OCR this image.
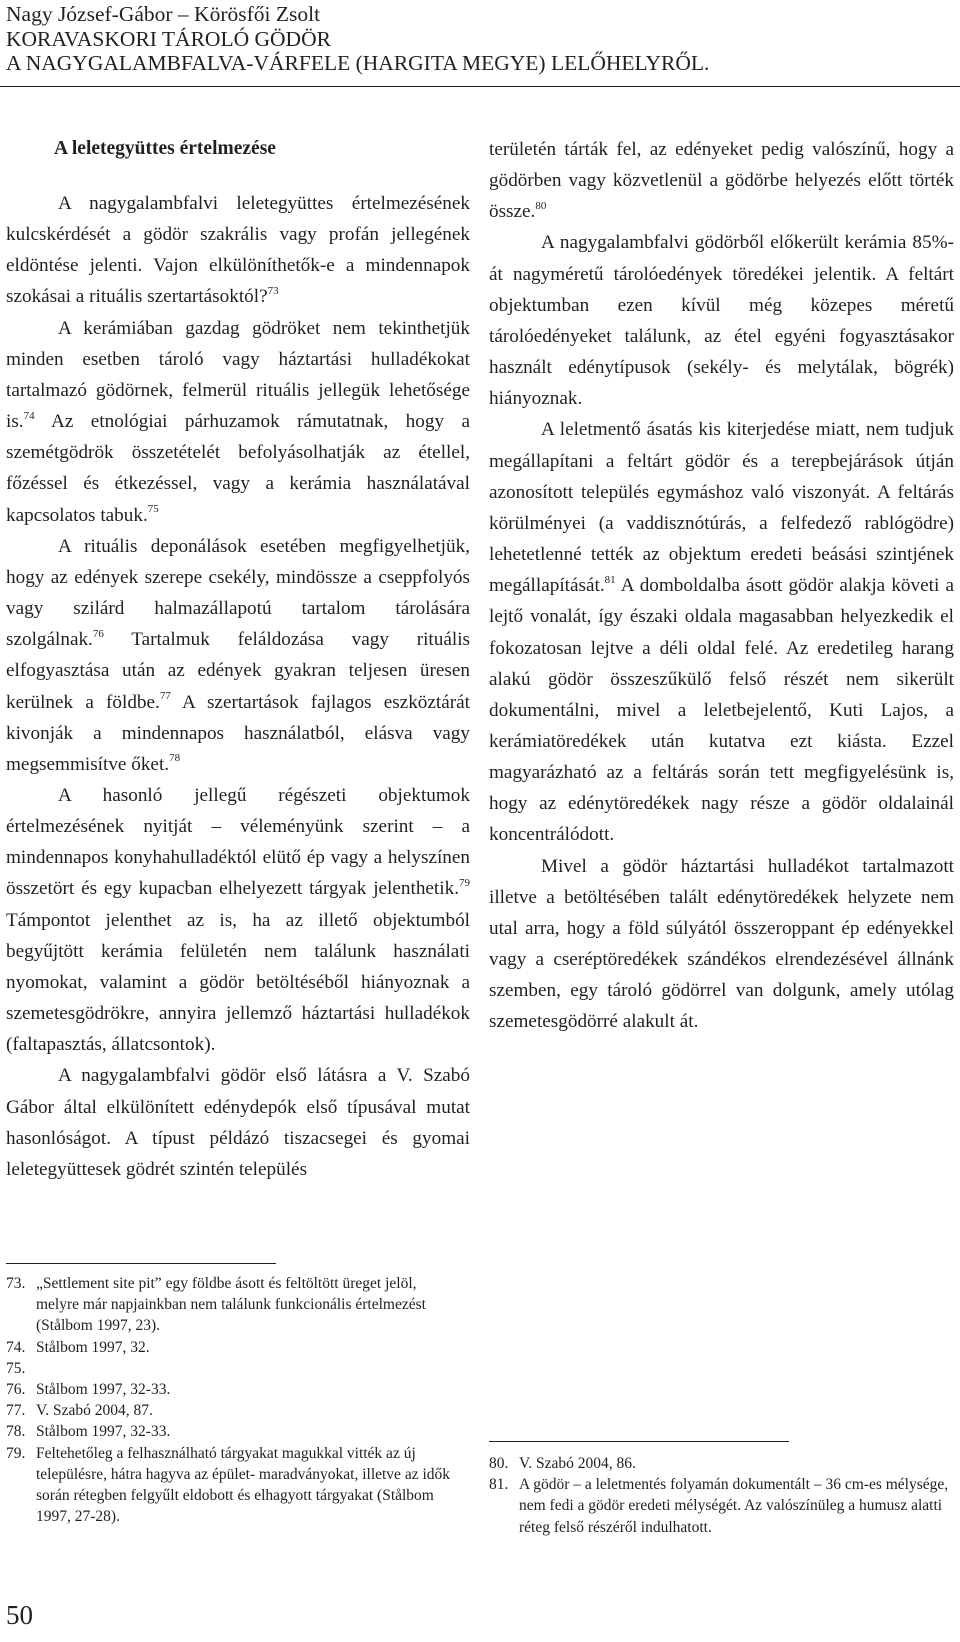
Nagy József-Gábor – Körösfői Zsolt
KORAVASKORI TÁROLÓ GÖDÖR
A NAGYGALAMBFALVA-VÁRFELE (HARGITA MEGYE) LELŐHELYRŐL.
A leletegyüttes értelmezése

A nagygalambfalvi leletegyüttes értelmezésének kulcskérdését a gödör szakrális vagy profán jellegének eldöntése jelenti. Vajon elkülöníthetők-e a mindennapok szokásai a rituális szertartásoktól?$^{73}$

A kerámiában gazdag gödröket nem tekinthetjük minden esetben tároló vagy háztartási hulladékokat tartalmazó gödörnek, felmerül rituális jellegük lehetősége is.$^{74}$ Az etnológiai párhuzamok rámutatnak, hogy a szemétgödrök összetételét befolyásolhatják az étellel, főzéssel és étkezéssel, vagy a kerámia használatával kapcsolatos tabuk.$^{75}$

A rituális deponálások esetében megfigyelhetjük, hogy az edények szerepe csekély, mindössze a cseppfolyós vagy szilárd halmazállapotú tartalom tárolására szolgálnak.$^{76}$ Tartalmuk feláldozása vagy rituális elfogyasztása után az edények gyakran teljesen üresen kerülnek a földbe.$^{77}$ A szertartások fajlagos eszköztárát kivonják a mindennapos használatból, elásva vagy megsemmisítve őket.$^{78}$

A hasonló jellegű régészeti objektumok értelmezésének nyitját – véleményünk szerint – a mindennapos konyhahulladéktól elütő ép vagy a helyszínen összetört és egy kupacban elhelyezett tárgyak jelenthetik.$^{79}$ Támpontot jelenthet az is, ha az illető objektumból begyűjtött kerámia felületén nem találunk használati nyomokat, valamint a gödör betöltéséből hiányoznak a szemetesgödrökre, annyira jellemző háztartási hulladékok (faltapasztás, állatcsontok).

A nagygalambfalvi gödör első látásra a V. Szabó Gábor által elkülönített edénydepók első típusával mutat hasonlóságot. A típust példázó tiszacsegei és gyomai leletegyüttesek gödrét szintén település

területén tárták fel, az edényeket pedig valószínű, hogy a gödörben vagy közvetlenül a gödörbe helyezés előtt törték össze.$^{80}$

A nagygalambfalvi gödörből előkerült kerámia 85%-át nagyméretű tárolóedények töredékei jelentik. A feltárt objektumban ezen kívül még közepes méretű tárolóedényeket találunk, az étel egyéni fogyasztásakor használt edénytípusok (sekély- és melytálak, bögrék) hiányoznak.

A leletmentő ásatás kis kiterjedése miatt, nem tudjuk megállapítani a feltárt gödör és a terepbejárások útján azonosított település egymáshoz való viszonyát. A feltárás körülményei (a vaddisznótúrás, a felfedező rablógödre) lehetetlenné tették az objektum eredeti beásási szintjének megállapítását.$^{81}$ A domboldalba ásott gödör alakja követi a lejtő vonalát, így északi oldala magasabban helyezkedik el fokozatosan lejtve a déli oldal felé. Az eredetileg harang alakú gödör összeszűkülő felső részét nem sikerült dokumentálni, mivel a leletbejelentő, Kuti Lajos, a kerámiatöredékek után kutatva ezt kiásta. Ezzel magyarázható az a feltárás során tett megfigyelésünk is, hogy az edénytöredékek nagy része a gödör oldalainál koncentrálódott.

Mivel a gödör háztartási hulladékot tartalmazott illetve a betöltésében talált edénytöredékek helyzete nem utal arra, hogy a föld súlyától összeroppant ép edényekkel vagy a cseréptöredékek szándékos elrendezésével állnánk szemben, egy tároló gödörrel van dolgunk, amely utólag szemetesgödörré alakult át.

73. „Settlement site pit” egy földbe ásott és feltöltött üreget jelöl, melyre már napjainkban nem találunk funkcionális értelmezést (Stålbom 1997, 23).
74. Stålbom 1997, 32.
75.
76. Stålbom 1997, 32-33.
77. V. Szabó 2004, 87.
78. Stålbom 1997, 32-33.
79. Feltehetőleg a felhasználható tárgyakat magukkal vitték az új településre, hátra hagyva az épület- maradványokat, illetve az idők során rétegben felgyűlt eldobott és elhagyott tárgyakat (Stålbom 1997, 27-28).
80. V. Szabó 2004, 86.
81. A gödör – a leletmentés folyamán dokumentált – 36 cm-es mélysége, nem fedi a gödör eredeti mélységét. Az valószínüleg a humusz alatti réteg felső részéről indulhatott.
50
